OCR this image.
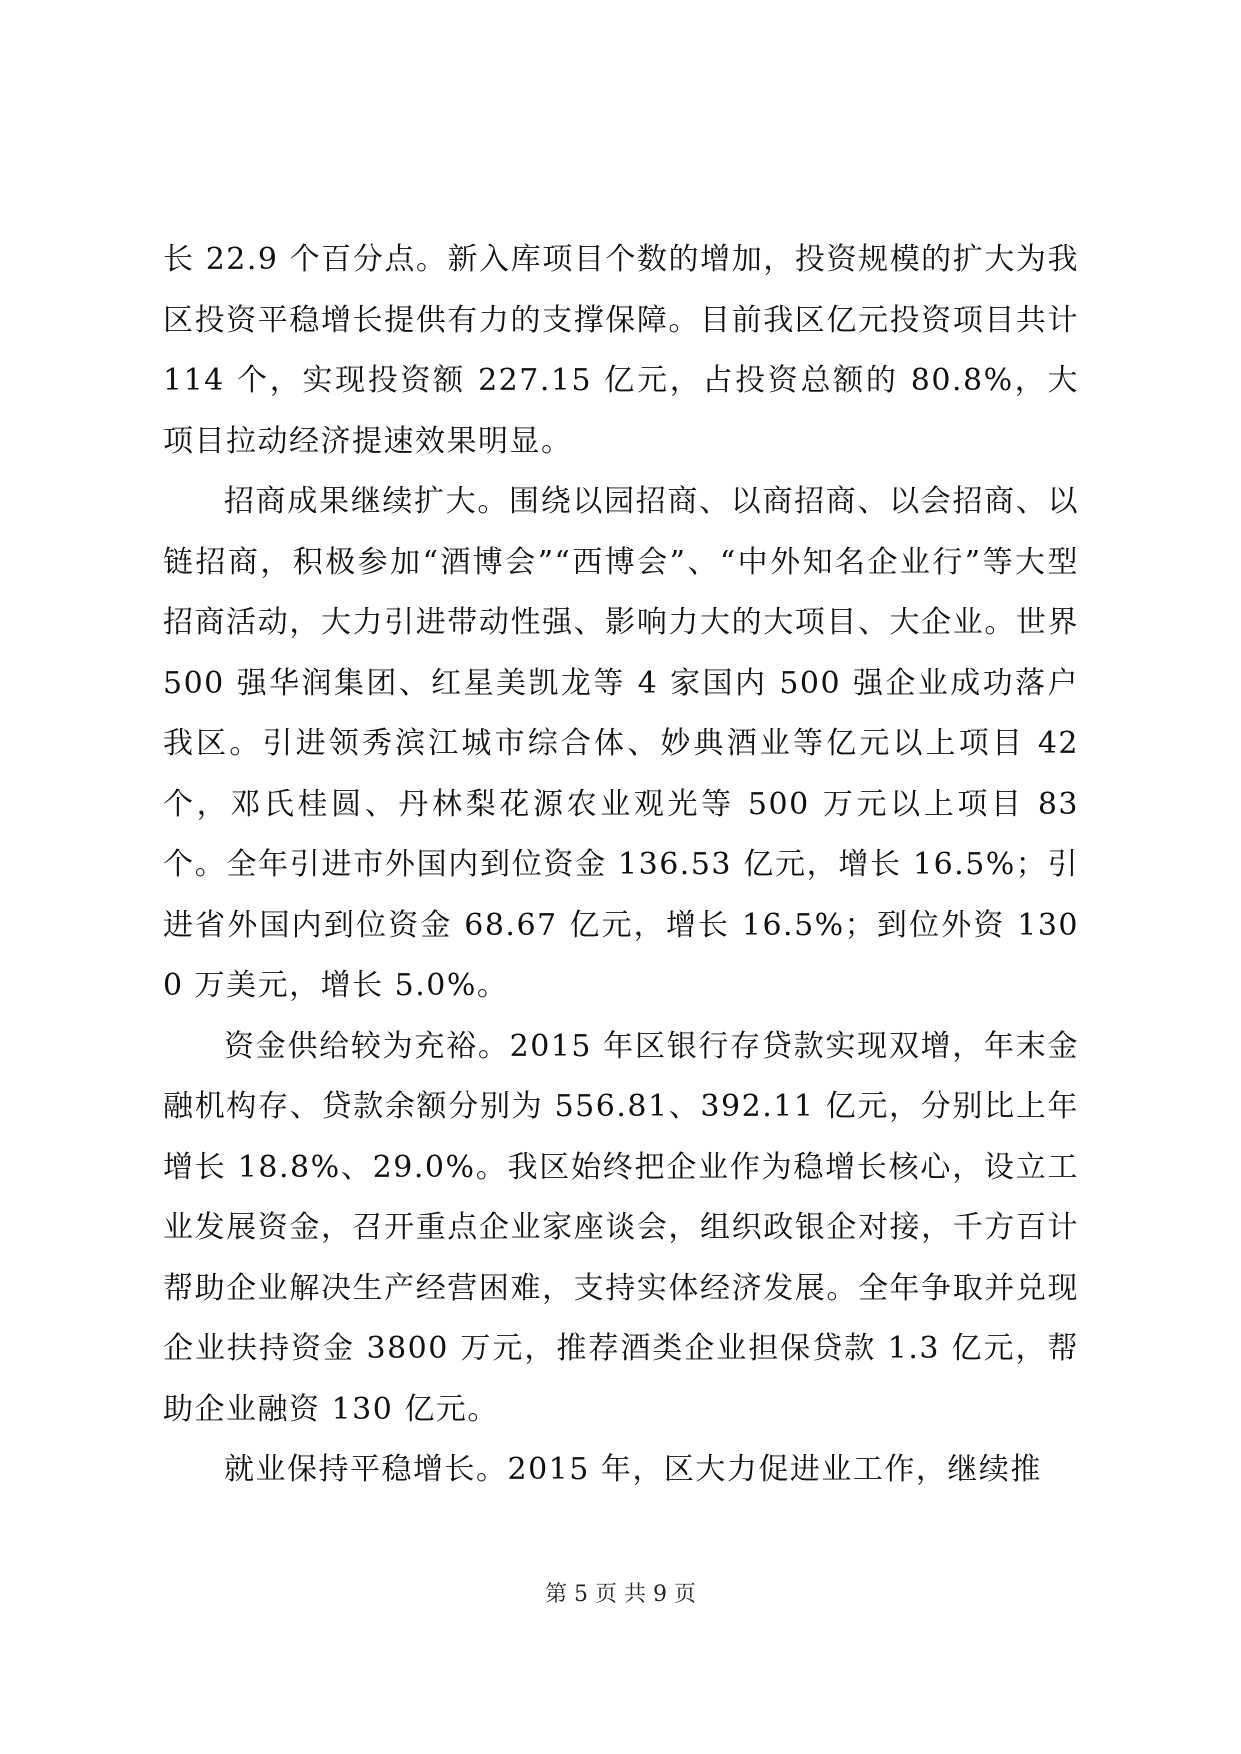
长 22.9 个百分点。新入库项目个数的增加，投资规模的扩大为我区投资平稳增长提供有力的支撑保障。目前我区亿元投资项目共计 114 个，实现投资额 227.15 亿元，占投资总额的 80.8%，大项目拉动经济提速效果明显。

招商成果继续扩大。围绕以园招商、以商招商、以会招商、以链招商，积极参加“酒博会”“西博会”、“中外知名企业行”等大型招商活动，大力引进带动性强、影响力大的大项目、大企业。世界 500 强华润集团、红星美凯龙等 4 家国内 500 强企业成功落户我区。引进领秀滨江城市综合体、妙典酒业等亿元以上项目 42 个，邓氏桂圆、丹林梨花源农业观光等 500 万元以上项目 83 个。全年引进市外国内到位资金 136.53 亿元，增长 16.5%；引进省外国内到位资金 68.67 亿元，增长 16.5%；到位外资 1300 万美元，增长 5.0%。

资金供给较为充裕。2015 年区银行存贷款实现双增，年末金融机构存、贷款余额分别为 556.81、392.11 亿元，分别比上年增长 18.8%、29.0%。我区始终把企业作为稳增长核心，设立工业发展资金，召开重点企业家座谈会，组织政银企对接，千方百计帮助企业解决生产经营困难，支持实体经济发展。全年争取并兑现企业扶持资金 3800 万元，推荐酒类企业担保贷款 1.3 亿元，帮助企业融资 130 亿元。

就业保持平稳增长。2015 年，区大力促进业工作，继续推

第 5 页 共 9 页
